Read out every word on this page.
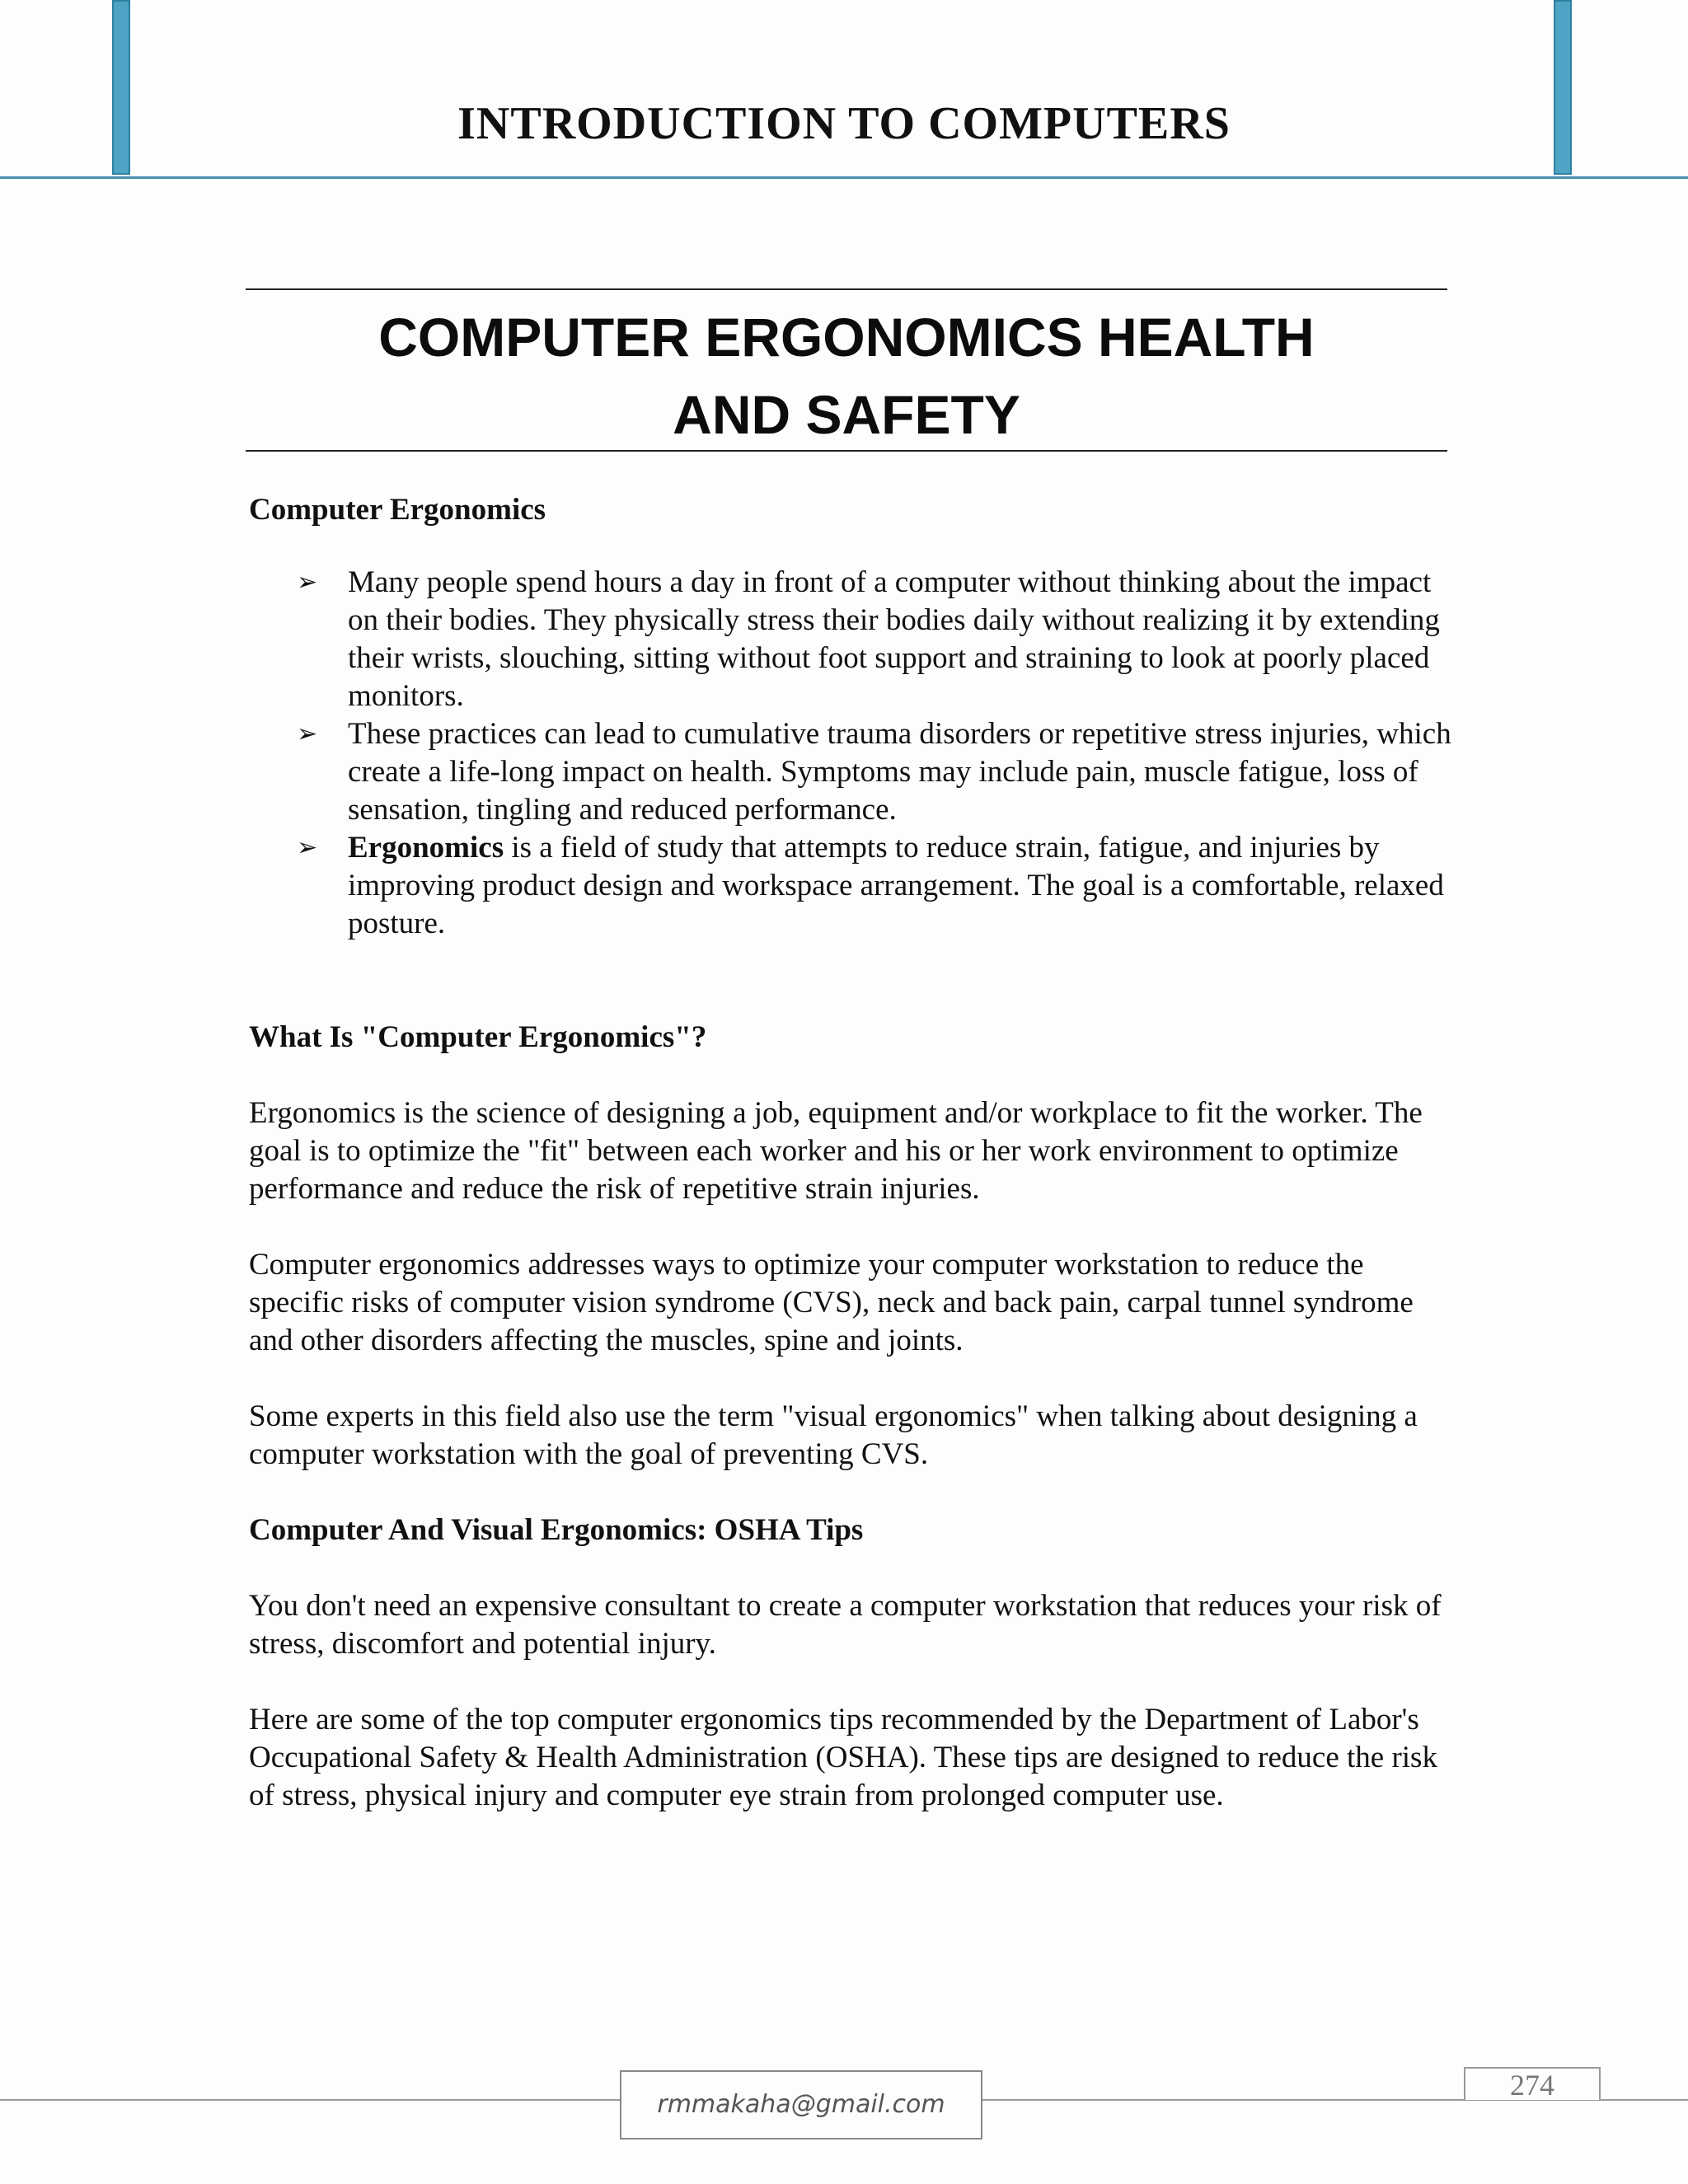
INTRODUCTION TO COMPUTERS
COMPUTER ERGONOMICS HEALTH
AND SAFETY

Computer Ergonomics

➢ Many people spend hours a day in front of a computer without thinking about the impact on their bodies. They physically stress their bodies daily without realizing it by extending their wrists, slouching, sitting without foot support and straining to look at poorly placed monitors.
➢ These practices can lead to cumulative trauma disorders or repetitive stress injuries, which create a life-long impact on health. Symptoms may include pain, muscle fatigue, loss of sensation, tingling and reduced performance.
➢ Ergonomics is a field of study that attempts to reduce strain, fatigue, and injuries by improving product design and workspace arrangement. The goal is a comfortable, relaxed posture.

What Is "Computer Ergonomics"?

Ergonomics is the science of designing a job, equipment and/or workplace to fit the worker. The goal is to optimize the "fit" between each worker and his or her work environment to optimize performance and reduce the risk of repetitive strain injuries.

Computer ergonomics addresses ways to optimize your computer workstation to reduce the specific risks of computer vision syndrome (CVS), neck and back pain, carpal tunnel syndrome and other disorders affecting the muscles, spine and joints.

Some experts in this field also use the term "visual ergonomics" when talking about designing a computer workstation with the goal of preventing CVS.

Computer And Visual Ergonomics: OSHA Tips

You don't need an expensive consultant to create a computer workstation that reduces your risk of stress, discomfort and potential injury.

Here are some of the top computer ergonomics tips recommended by the Department of Labor's Occupational Safety & Health Administration (OSHA). These tips are designed to reduce the risk of stress, physical injury and computer eye strain from prolonged computer use.

rmmakaha@gmail.com
274
